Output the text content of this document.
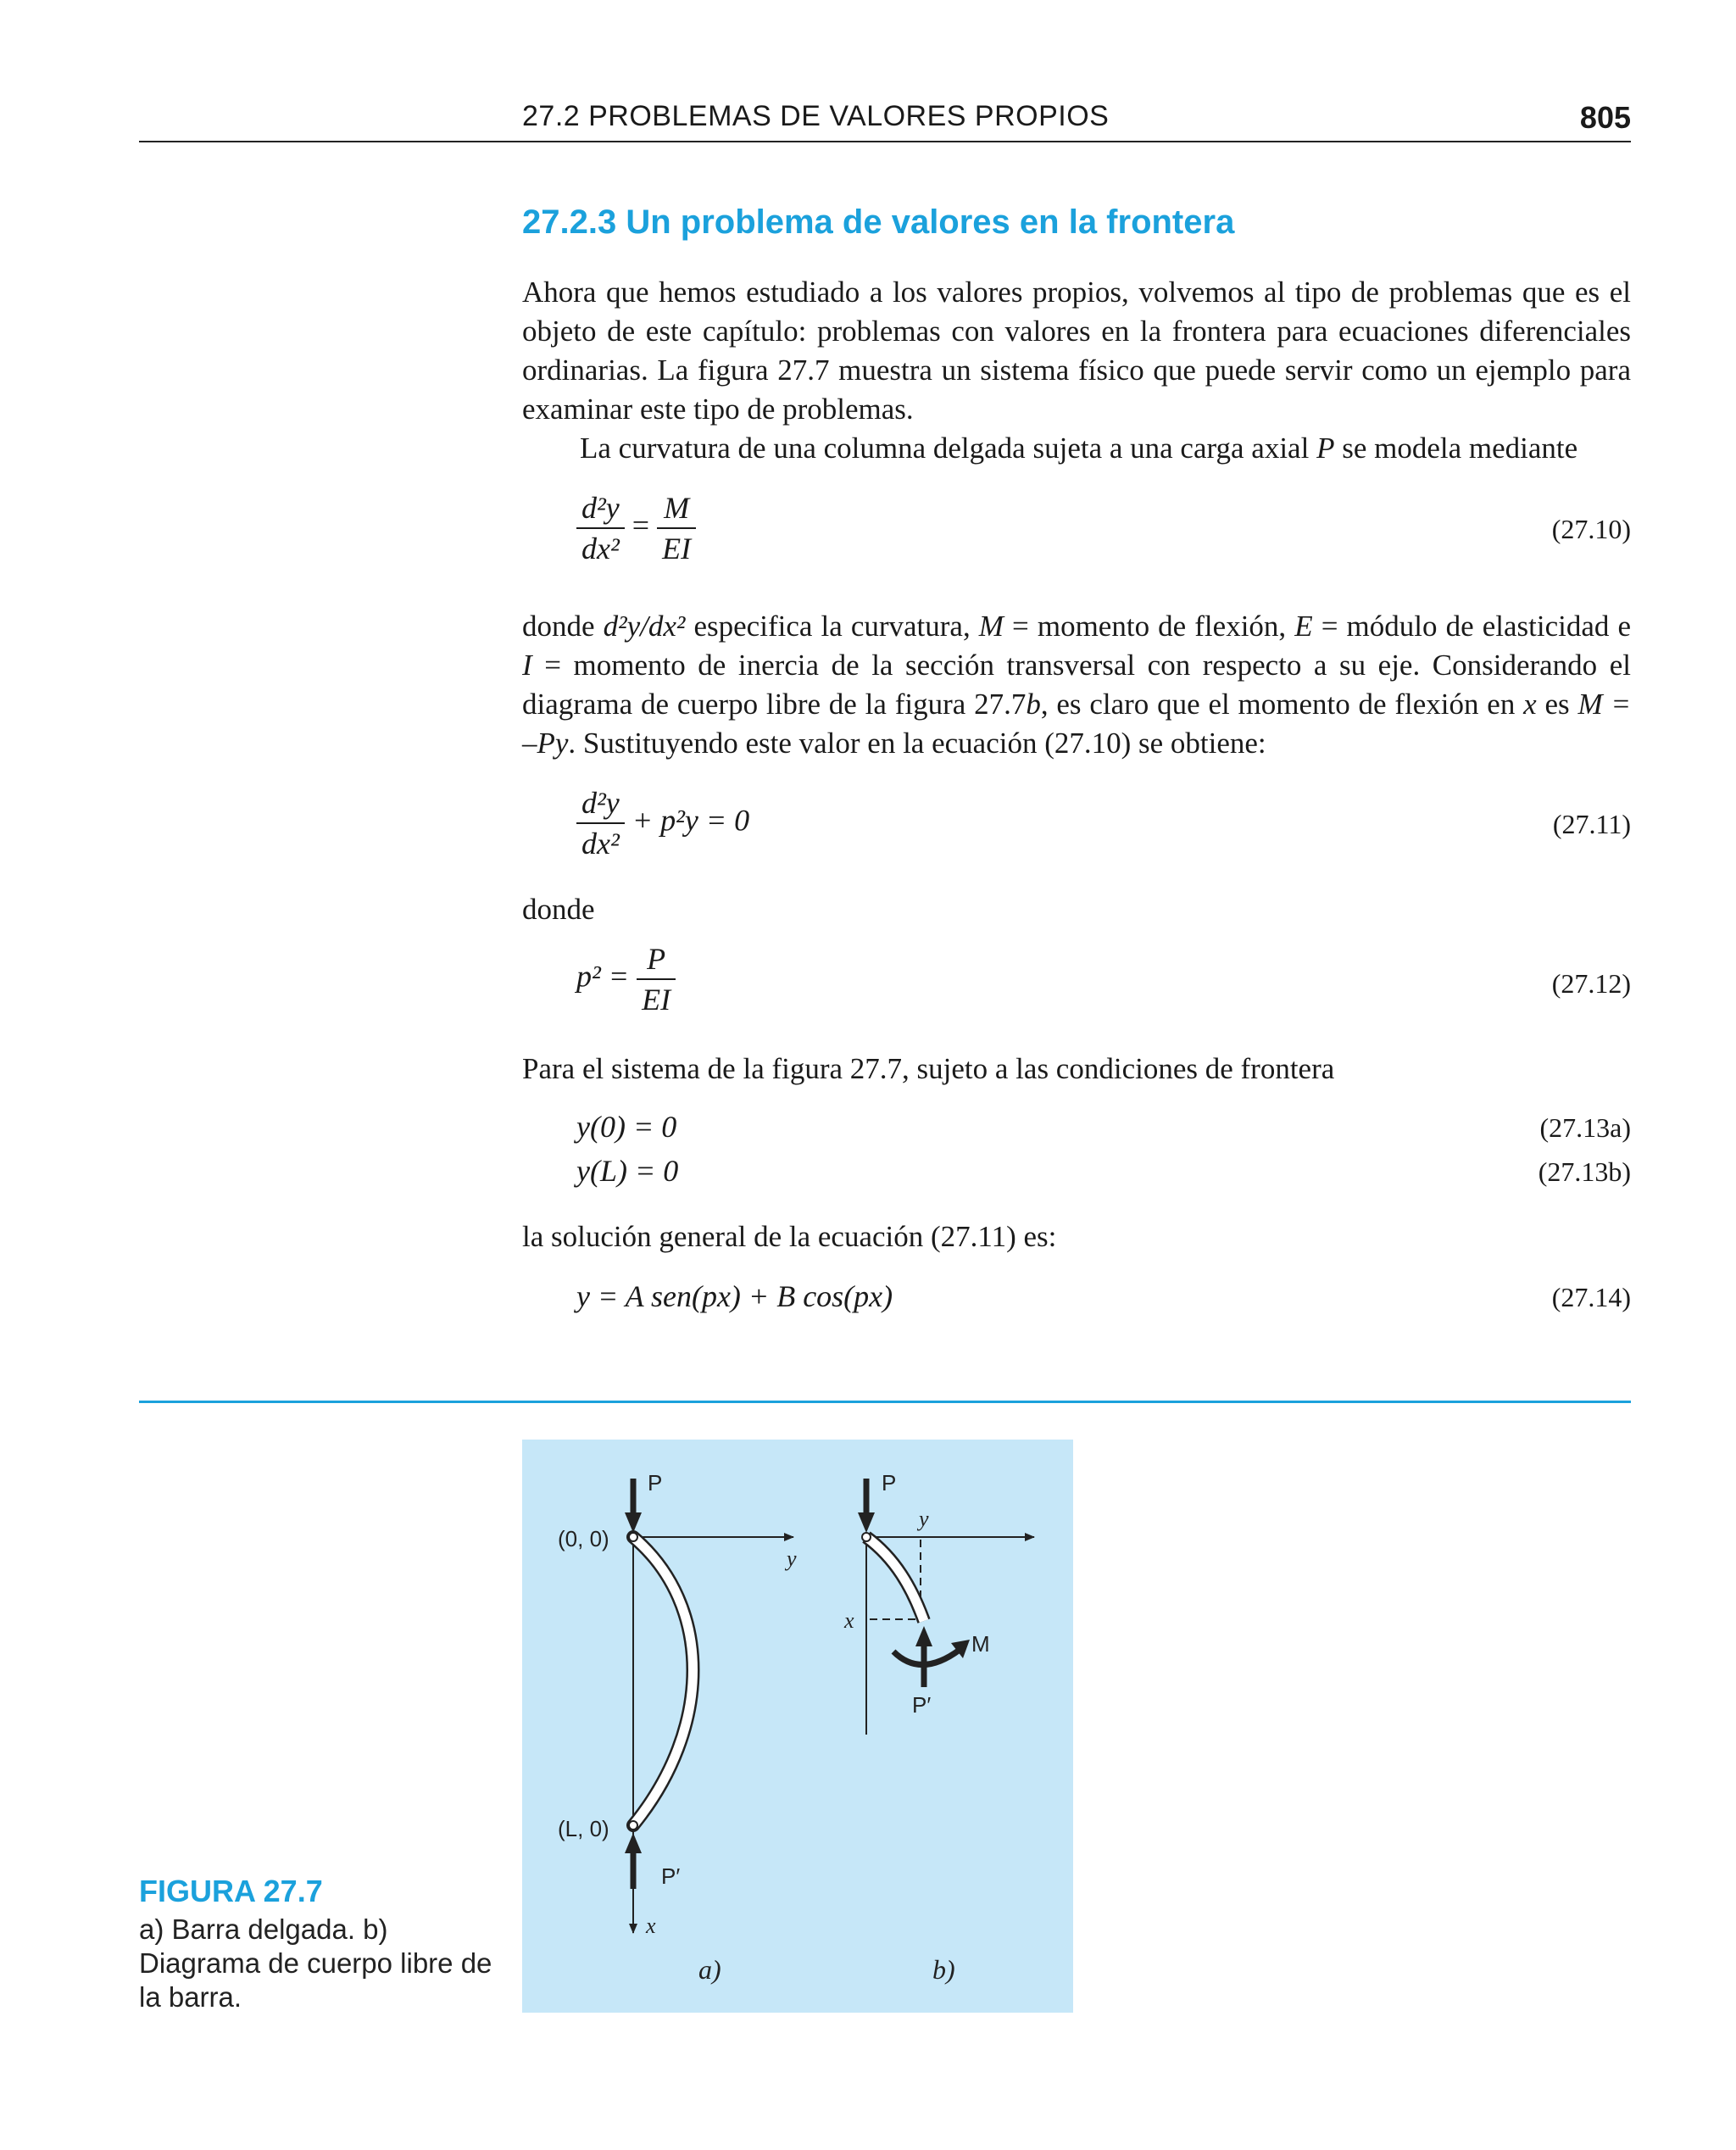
27.2 PROBLEMAS DE VALORES PROPIOS	805
27.2.3 Un problema de valores en la frontera

Ahora que hemos estudiado a los valores propios, volvemos al tipo de problemas que es el objeto de este capítulo: problemas con valores en la frontera para ecuaciones diferenciales ordinarias. La figura 27.7 muestra un sistema físico que puede servir como un ejemplo para examinar este tipo de problemas.

La curvatura de una columna delgada sujeta a una carga axial P se modela mediante

$\frac{\text{d²y}}{\text{dx²}} = \frac{M}{EI}$	(27.10)

donde d²y/dx² especifica la curvatura, M = momento de flexión, E = módulo de elasticidad e I = momento de inercia de la sección transversal con respecto a su eje. Considerando el diagrama de cuerpo libre de la figura 27.7b, es claro que el momento de flexión en x es M = –Py. Sustituyendo este valor en la ecuación (27.10) se obtiene:

$\frac{\text{d²y}}{\text{dx²}} + p^2y = 0$	(27.11)

donde

$p^2 = \frac{P}{EI}$	(27.12)

Para el sistema de la figura 27.7, sujeto a las condiciones de frontera

y(0) = 0	(27.13a)
y(L) = 0	(27.13b)

la solución general de la ecuación (27.11) es:

y = A sen(px) + B cos(px)	(27.14)
P
y
x
(0, 0)
(L, 0)
P′
a)
P
y
x
P′
M
b)
FIGURA 27.7
a) Barra delgada. b) Diagrama de cuerpo libre de la barra.
